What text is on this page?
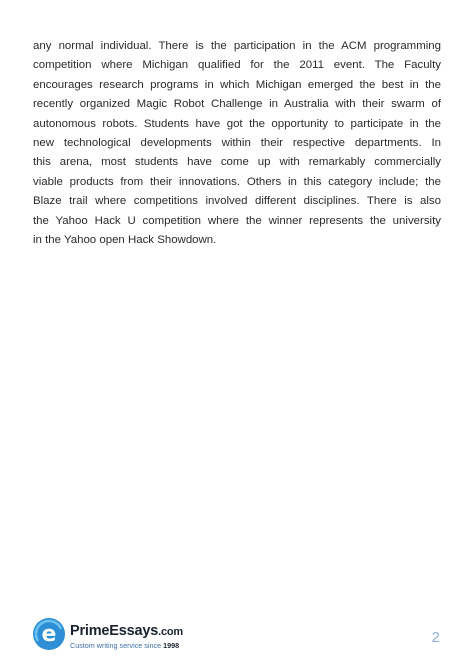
any normal individual. There is the participation in the ACM programming
competition where Michigan qualified for the 2011 event. The Faculty
encourages research programs in which Michigan emerged the best in the
recently organized Magic Robot Challenge in Australia with their swarm of
autonomous robots. Students have got the opportunity to participate in the
new technological developments within their respective departments. In
this arena, most students have come up with remarkably commercially
viable products from their innovations. Others in this category include; the
Blaze trail where competitions involved different disciplines. There is also
the Yahoo Hack U competition where the winner represents the university
in the Yahoo open Hack Showdown.

e PrimeEssays.com
Custom writing service since 1998	2
